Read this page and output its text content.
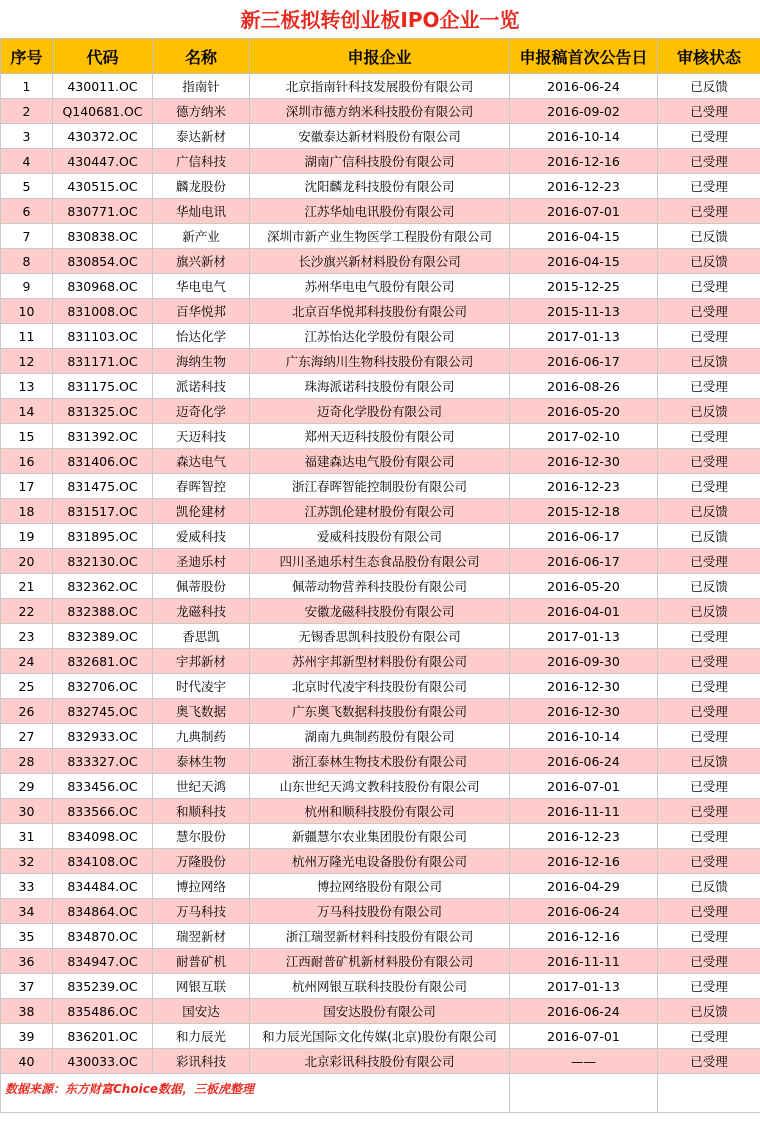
新三板拟转创业板IPO企业一览
序号	代码	名称	申报企业	申报稿首次公告日	审核状态
1	430011.OC	指南针	北京指南针科技发展股份有限公司	2016-06-24	已反馈
2	Q140681.OC	德方纳米	深圳市德方纳米科技股份有限公司	2016-09-02	已受理
3	430372.OC	泰达新材	安徽泰达新材料股份有限公司	2016-10-14	已受理
4	430447.OC	广信科技	湖南广信科技股份有限公司	2016-12-16	已受理
5	430515.OC	麟龙股份	沈阳麟龙科技股份有限公司	2016-12-23	已受理
6	830771.OC	华灿电讯	江苏华灿电讯股份有限公司	2016-07-01	已受理
7	830838.OC	新产业	深圳市新产业生物医学工程股份有限公司	2016-04-15	已反馈
8	830854.OC	旗兴新材	长沙旗兴新材料股份有限公司	2016-04-15	已反馈
9	830968.OC	华电电气	苏州华电电气股份有限公司	2015-12-25	已受理
10	831008.OC	百华悦邦	北京百华悦邦科技股份有限公司	2015-11-13	已受理
11	831103.OC	怡达化学	江苏怡达化学股份有限公司	2017-01-13	已受理
12	831171.OC	海纳生物	广东海纳川生物科技股份有限公司	2016-06-17	已反馈
13	831175.OC	派诺科技	珠海派诺科技股份有限公司	2016-08-26	已受理
14	831325.OC	迈奇化学	迈奇化学股份有限公司	2016-05-20	已反馈
15	831392.OC	天迈科技	郑州天迈科技股份有限公司	2017-02-10	已受理
16	831406.OC	森达电气	福建森达电气股份有限公司	2016-12-30	已受理
17	831475.OC	春晖智控	浙江春晖智能控制股份有限公司	2016-12-23	已受理
18	831517.OC	凯伦建材	江苏凯伦建材股份有限公司	2015-12-18	已反馈
19	831895.OC	爱威科技	爱威科技股份有限公司	2016-06-17	已反馈
20	832130.OC	圣迪乐村	四川圣迪乐村生态食品股份有限公司	2016-06-17	已受理
21	832362.OC	佩蒂股份	佩蒂动物营养科技股份有限公司	2016-05-20	已反馈
22	832388.OC	龙磁科技	安徽龙磁科技股份有限公司	2016-04-01	已反馈
23	832389.OC	香思凯	无锡香思凯科技股份有限公司	2017-01-13	已受理
24	832681.OC	宇邦新材	苏州宇邦新型材料股份有限公司	2016-09-30	已受理
25	832706.OC	时代凌宇	北京时代凌宇科技股份有限公司	2016-12-30	已受理
26	832745.OC	奥飞数据	广东奥飞数据科技股份有限公司	2016-12-30	已受理
27	832933.OC	九典制药	湖南九典制药股份有限公司	2016-10-14	已受理
28	833327.OC	泰林生物	浙江泰林生物技术股份有限公司	2016-06-24	已反馈
29	833456.OC	世纪天鸿	山东世纪天鸿文教科技股份有限公司	2016-07-01	已受理
30	833566.OC	和顺科技	杭州和顺科技股份有限公司	2016-11-11	已受理
31	834098.OC	慧尔股份	新疆慧尔农业集团股份有限公司	2016-12-23	已受理
32	834108.OC	万隆股份	杭州万隆光电设备股份有限公司	2016-12-16	已受理
33	834484.OC	博拉网络	博拉网络股份有限公司	2016-04-29	已反馈
34	834864.OC	万马科技	万马科技股份有限公司	2016-06-24	已受理
35	834870.OC	瑞翌新材	浙江瑞翌新材料科技股份有限公司	2016-12-16	已受理
36	834947.OC	耐普矿机	江西耐普矿机新材料股份有限公司	2016-11-11	已受理
37	835239.OC	网银互联	杭州网银互联科技股份有限公司	2017-01-13	已受理
38	835486.OC	国安达	国安达股份有限公司	2016-06-24	已反馈
39	836201.OC	和力辰光	和力辰光国际文化传媒(北京)股份有限公司	2016-07-01	已受理
40	430033.OC	彩讯科技	北京彩讯科技股份有限公司	——	已受理
数据来源：东方财富Choice数据，三板虎整理					
